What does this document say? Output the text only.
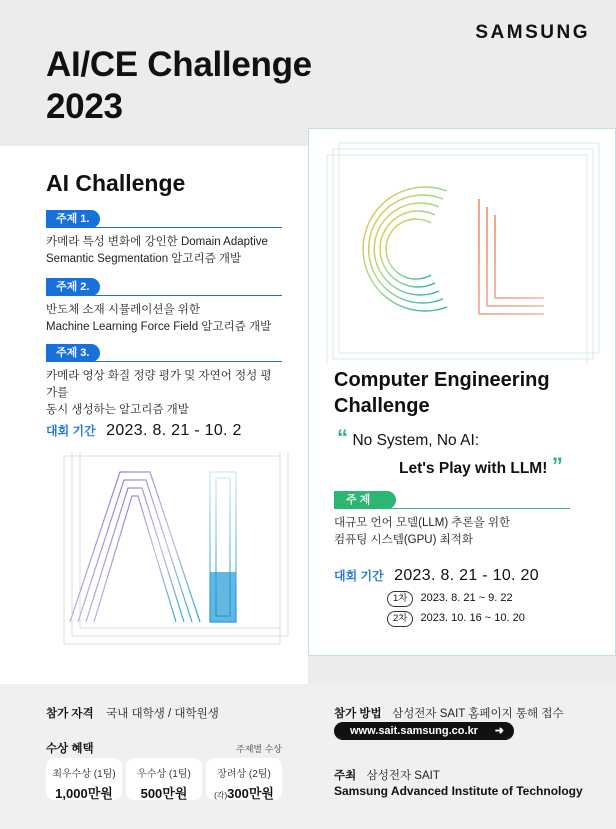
SAMSUNG
AI/CE Challenge
2023
AI Challenge
주제 1.
카메라 특성 변화에 강인한 Domain Adaptive
Semantic Segmentation 알고리즘 개발
주제 2.
반도체 소재 시뮬레이션을 위한
Machine Learning Force Field 알고리즘 개발
주제 3.
카메라 영상 화질 정량 평가 및 자연어 정성 평가를
동시 생성하는 알고리즘 개발
대회 기간 2023. 8. 21 - 10. 2
Computer Engineering
Challenge
“ No System, No AI:
Let's Play with LLM! ”
주 제
대규모 언어 모델(LLM) 추론을 위한
컴퓨팅 시스템(GPU) 최적화
대회 기간 2023. 8. 21 - 10. 20
1차 2023. 8. 21 ~ 9. 22
2차 2023. 10. 16 ~ 10. 20
참가 자격 국내 대학생 / 대학원생
수상 혜택	주제별 수상
최우수상 (1팀)
1,000만원
우수상 (1팀)
500만원
장려상 (2팀)
(각)300만원
참가 방법 삼성전자 SAIT 홈페이지 통해 접수
www.sait.samsung.co.kr ➜
주최 삼성전자 SAIT
Samsung Advanced Institute of Technology
